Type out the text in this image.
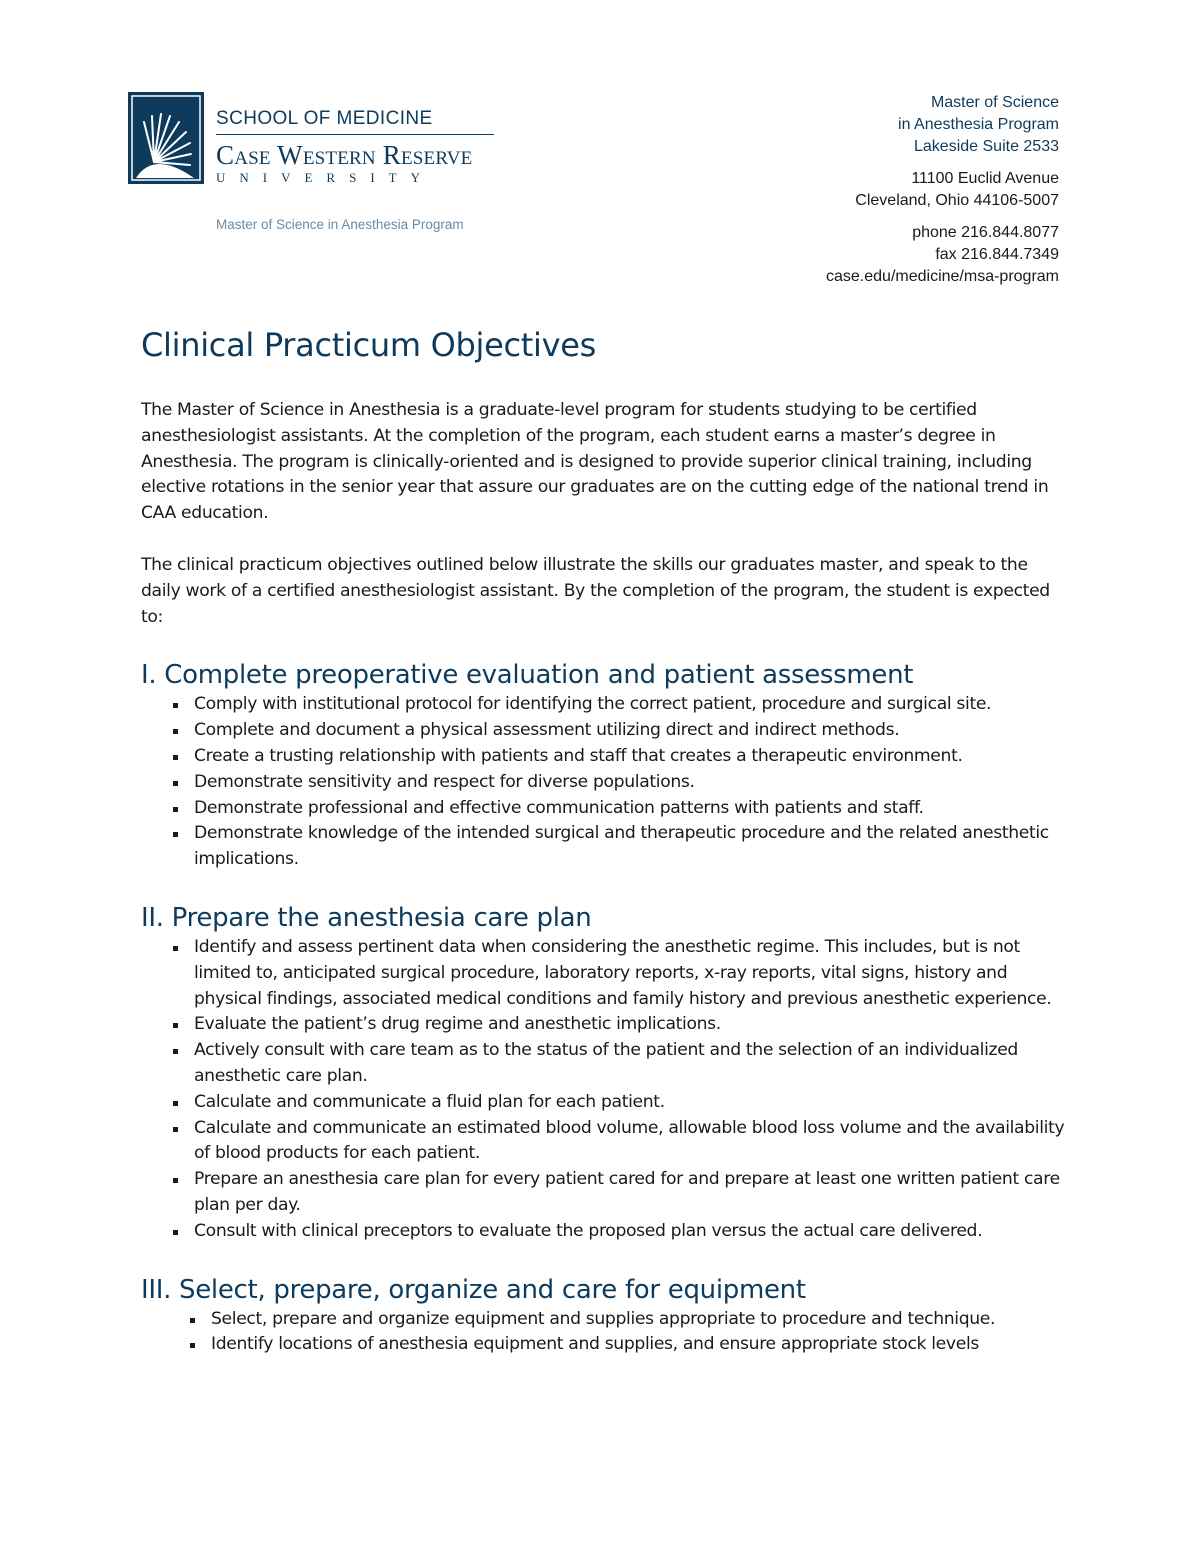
SCHOOL OF MEDICINE
Case Western Reserve
UNIVERSITY
Master of Science in Anesthesia Program
Master of Science
in Anesthesia Program
Lakeside Suite 2533
11100 Euclid Avenue
Cleveland, Ohio 44106-5007
phone 216.844.8077
fax 216.844.7349
case.edu/medicine/msa-program
Clinical Practicum Objectives

The Master of Science in Anesthesia is a graduate-level program for students studying to be certified anesthesiologist assistants. At the completion of the program, each student earns a master’s degree in Anesthesia. The program is clinically-oriented and is designed to provide superior clinical training, including elective rotations in the senior year that assure our graduates are on the cutting edge of the national trend in CAA education.

The clinical practicum objectives outlined below illustrate the skills our graduates master, and speak to the daily work of a certified anesthesiologist assistant. By the completion of the program, the student is expected to:

I. Complete preoperative evaluation and patient assessment
Comply with institutional protocol for identifying the correct patient, procedure and surgical site.
Complete and document a physical assessment utilizing direct and indirect methods.
Create a trusting relationship with patients and staff that creates a therapeutic environment.
Demonstrate sensitivity and respect for diverse populations.
Demonstrate professional and effective communication patterns with patients and staff.
Demonstrate knowledge of the intended surgical and therapeutic procedure and the related anesthetic implications.
II. Prepare the anesthesia care plan
Identify and assess pertinent data when considering the anesthetic regime. This includes, but is not limited to, anticipated surgical procedure, laboratory reports, x-ray reports, vital signs, history and physical findings, associated medical conditions and family history and previous anesthetic experience.
Evaluate the patient’s drug regime and anesthetic implications.
Actively consult with care team as to the status of the patient and the selection of an individualized anesthetic care plan.
Calculate and communicate a fluid plan for each patient.
Calculate and communicate an estimated blood volume, allowable blood loss volume and the availability of blood products for each patient.
Prepare an anesthesia care plan for every patient cared for and prepare at least one written patient care plan per day.
Consult with clinical preceptors to evaluate the proposed plan versus the actual care delivered.
III. Select, prepare, organize and care for equipment
Select, prepare and organize equipment and supplies appropriate to procedure and technique.
Identify locations of anesthesia equipment and supplies, and ensure appropriate stock levels
